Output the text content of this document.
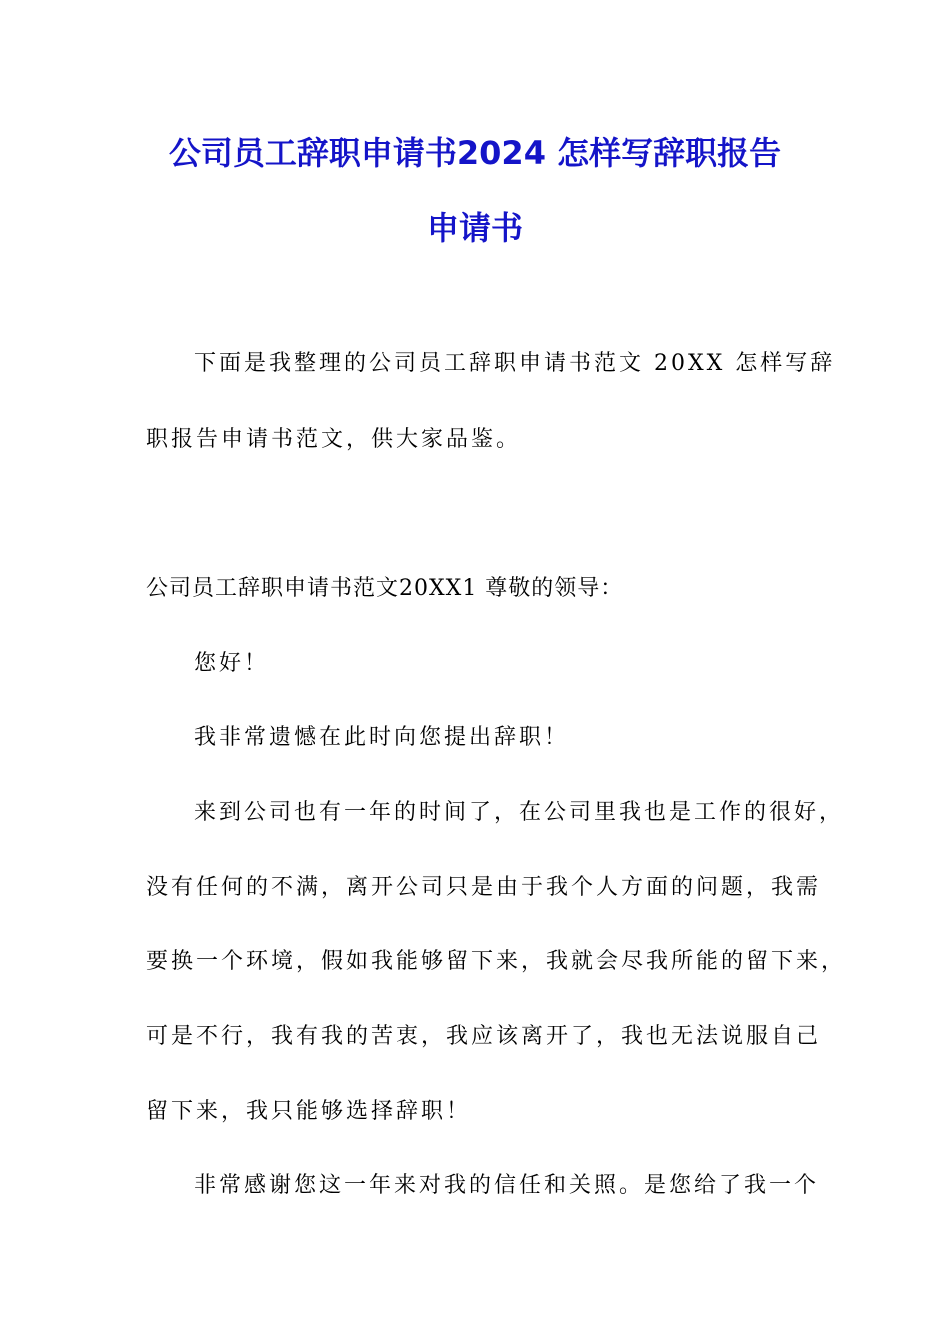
公司员工辞职申请书2024 怎样写辞职报告
申请书
下面是我整理的公司员工辞职申请书范文 20XX 怎样写辞
职报告申请书范文，供大家品鉴。
公司员工辞职申请书范文20XX1 尊敬的领导：
您好！
我非常遗憾在此时向您提出辞职！
来到公司也有一年的时间了，在公司里我也是工作的很好，
没有任何的不满，离开公司只是由于我个人方面的问题，我需
要换一个环境，假如我能够留下来，我就会尽我所能的留下来，
可是不行，我有我的苦衷，我应该离开了，我也无法说服自己
留下来，我只能够选择辞职！
非常感谢您这一年来对我的信任和关照。是您给了我一个
